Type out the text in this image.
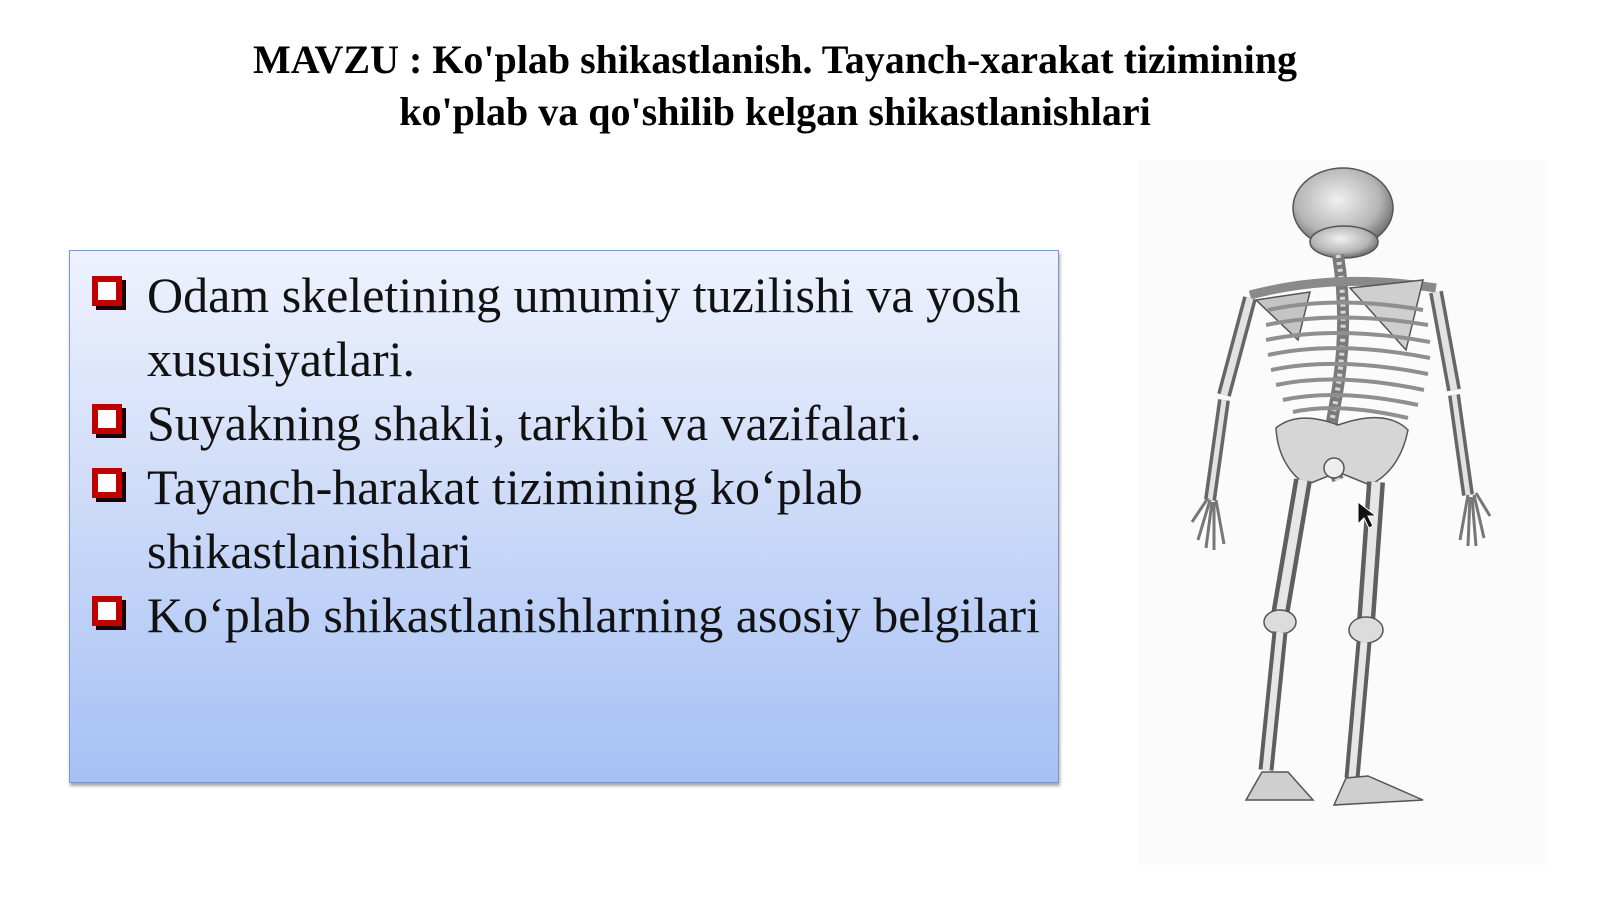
MAVZU : Ko'plab shikastlanish. Tayanch-xarakat tizimining
ko'plab va qo'shilib kelgan shikastlanishlari
Odam skeletining umumiy tuzilishi va yosh xususiyatlari.
Suyakning shakli, tarkibi va vazifalari.
Tayanch-harakat tizimining ko‘plab shikastlanishlari
Ko‘plab shikastlanishlarning asosiy belgilari
